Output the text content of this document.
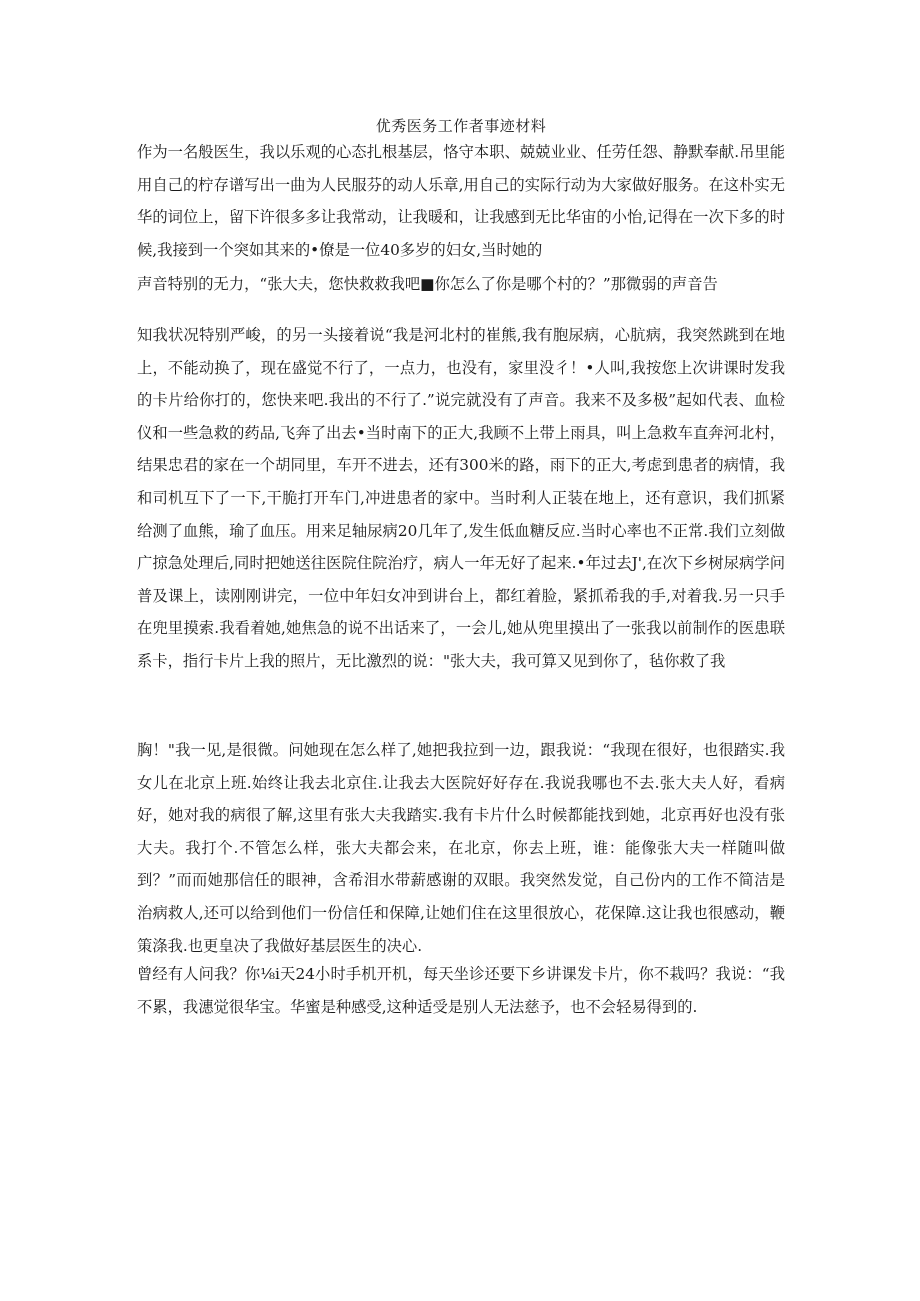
优秀医务工作者事迹材料

作为一名般医生，我以乐观的心态扎根基层，恪守本职、兢兢业业、任劳任怨、静默奉献.吊里能用自己的柠存谱写出一曲为人民服芬的动人乐章,用自己的实际行动为大家做好服务。在这朴实无华的词位上，留下许很多多让我常动，让我暖和，让我感到无比华宙的小怡,记得在一次下多的时候,我接到一个突如其来的•僚是一位40多岁的妇女,当时她的

声音特别的无力，“张大夫，您快救救我吧■你怎么了你是哪个村的？”那微弱的声音告

知我状况特别严峻，的另一头接着说“我是河北村的崔熊,我有胞尿病，心肮病，我突然跳到在地上，不能动换了，现在盛觉不行了，一点力，也没有，家里没彳！•人叫,我按您上次讲课时发我的卡片给你打的，您快来吧.我出的不行了.”说完就没有了声音。我来不及多极”起如代表、血检仪和一些急救的药品,飞奔了出去•当时南下的正大,我顾不上带上雨具，叫上急救车直奔河北村，结果忠君的家在一个胡同里，车开不进去，还有300米的路，雨下的正大,考虑到患者的病情，我和司机互下了一下,干脆打开车门,冲进患者的家中。当时利人正装在地上，还有意识，我们抓紧给测了血熊，瑜了血压。用来足轴尿病20几年了,发生低血糖反应.当时心率也不正常.我们立刻做广掠急处理后,同时把她送往医院住院治疗，病人一年无好了起来.•年过去J',在次下乡树尿病学问普及课上，读刚刚讲完，一位中年妇女冲到讲台上，都红着脸，紧抓希我的手,对着我.另一只手在兜里摸索.我看着她,她焦急的说不出话来了，一会儿,她从兜里摸出了一张我以前制作的医患联系卡，指行卡片上我的照片，无比激烈的说："张大夫，我可算又见到你了，毡你救了我

胸！"我一见,是很微。问她现在怎么样了,她把我拉到一边，跟我说：“我现在很好，也很踏实.我女儿在北京上班.始终让我去北京住.让我去大医院好好存在.我说我哪也不去.张大夫人好，看病好，她对我的病很了解,这里有张大夫我踏实.我有卡片什么时候都能找到她，北京再好也没有张大夫。我打个.不管怎么样，张大夫都会来，在北京，你去上班，谁：能像张大夫一样随叫做到？”而而她那信任的眼神，含希泪水带薪感谢的双眼。我突然发觉，自己份内的工作不简洁是治病救人,还可以给到他们一份信任和保障,让她们住在这里很放心，花保障.这让我也很感动，鞭策涤我.也更皇决了我做好基层医生的决心.

曾经有人问我？你⅛i天24小时手机开机，每天坐诊还要下乡讲课发卡片，你不栽吗？我说：“我不累，我潓觉很华宝。华蜜是种感受,这种适受是别人无法慈予，也不会轻易得到的.
